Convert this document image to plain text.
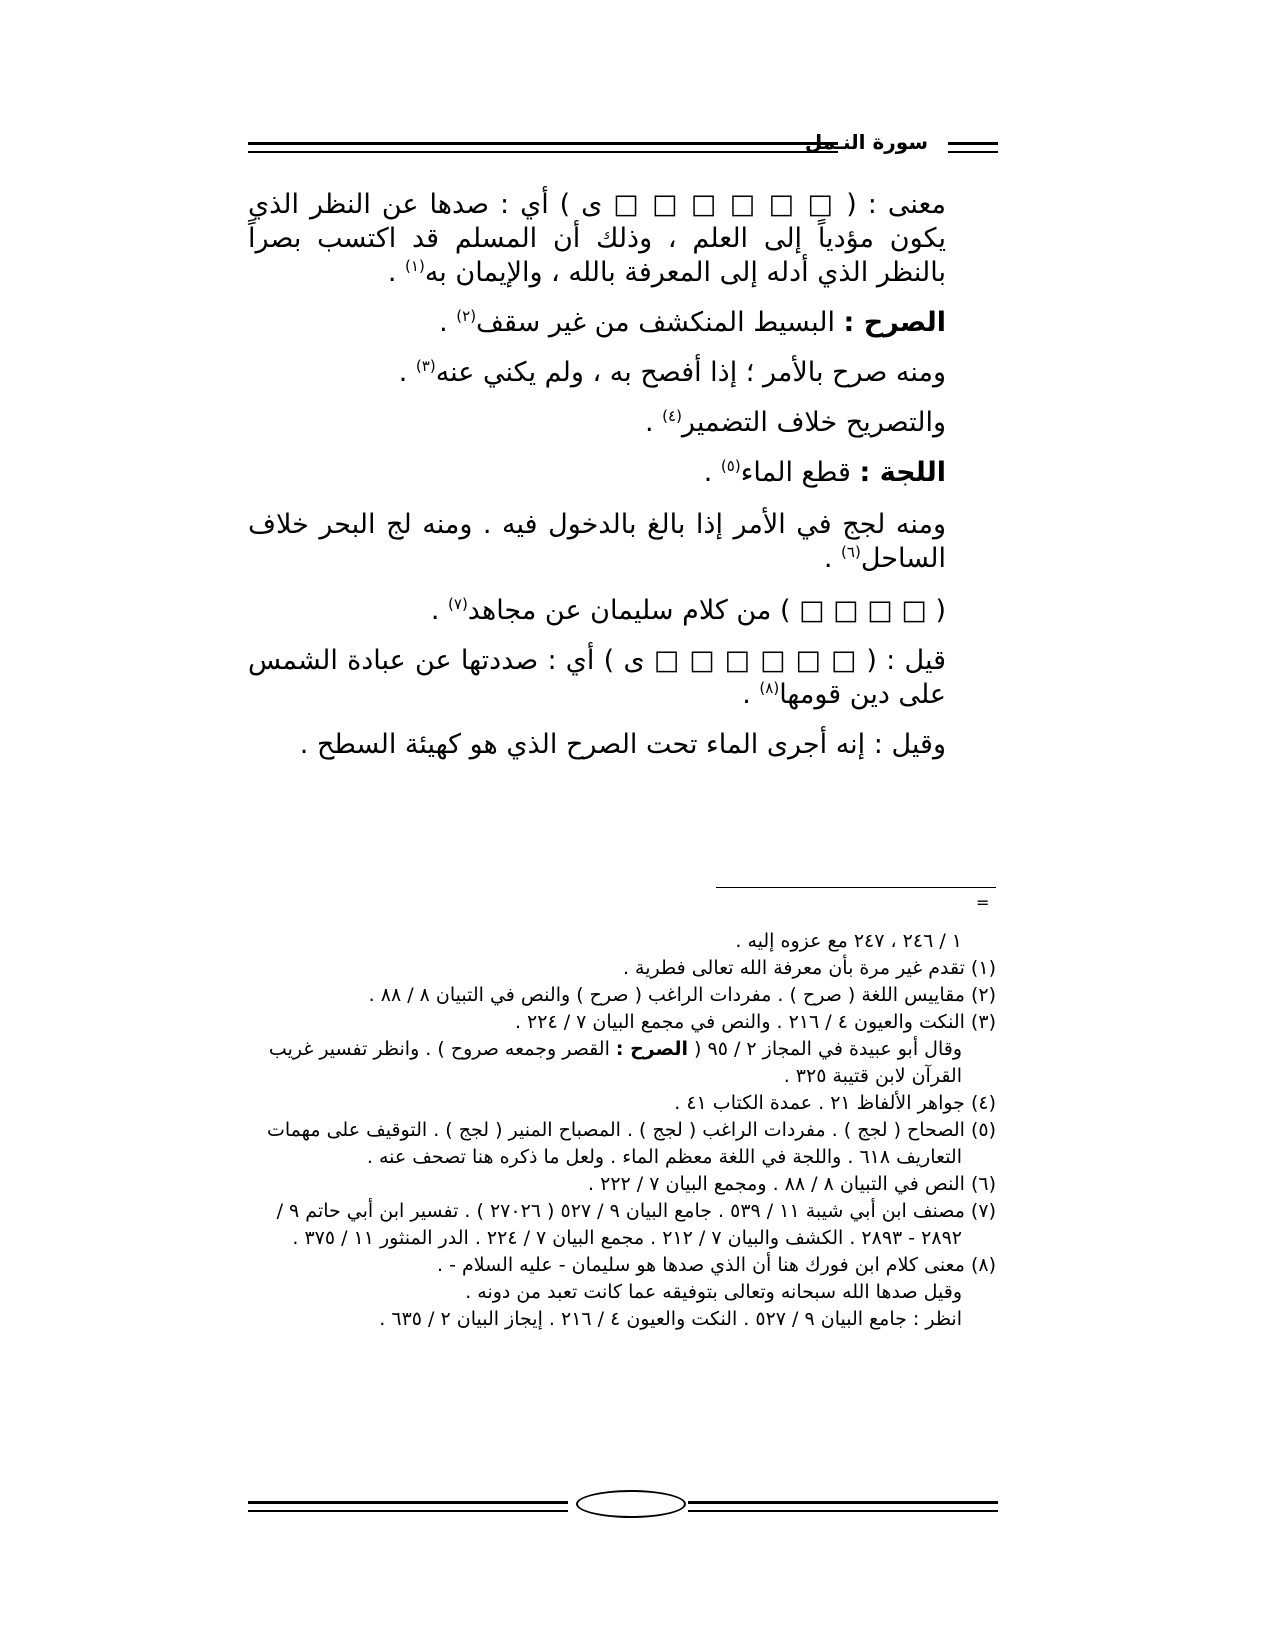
سورة النـمل

معنى : ( □ □ □ □ □ □ ى ) أي : صدها عن النظر الذي يكون مؤدياً إلى العلم ، وذلك أن المسلم قد اكتسب بصراً بالنظر الذي أدله إلى المعرفة بالله ، والإيمان به$^{(١)}$ .

الصرح : البسيط المنكشف من غير سقف$^{(٢)}$ .

ومنه صرح بالأمر ؛ إذا أفصح به ، ولم يكني عنه$^{(٣)}$ .

والتصريح خلاف التضمير$^{(٤)}$ .

اللجة : قطع الماء$^{(٥)}$ .

ومنه لجج في الأمر إذا بالغ بالدخول فيه . ومنه لج البحر خلاف الساحل$^{(٦)}$ .

( □ □ □ □ ) من كلام سليمان عن مجاهد$^{(٧)}$ .

قيل : ( □ □ □ □ □ □ ى ) أي : صددتها عن عبادة الشمس على دين قومها$^{(٨)}$ .

وقيل : إنه أجرى الماء تحت الصرح الذي هو كهيئة السطح .

=

١ / ٢٤٦ ، ٢٤٧ مع عزوه إليه .

(١) تقدم غير مرة بأن معرفة الله تعالى فطرية .

(٢) مقاييس اللغة ( صرح ) . مفردات الراغب ( صرح ) والنص في التبيان ٨ / ٨٨ .

(٣) النكت والعيون ٤ / ٢١٦ . والنص في مجمع البيان ٧ / ٢٢٤ .

وقال أبو عبيدة في المجاز ٢ / ٩٥ ( الصرح : القصر وجمعه صروح ) . وانظر تفسير غريب القرآن لابن قتيبة ٣٢٥ .

(٤) جواهر الألفاظ ٢١ . عمدة الكتاب ٤١ .

(٥) الصحاح ( لجج ) . مفردات الراغب ( لجج ) . المصباح المنير ( لجج ) . التوقيف على مهمات التعاريف ٦١٨ . واللجة في اللغة معظم الماء . ولعل ما ذكره هنا تصحف عنه .

(٦) النص في التبيان ٨ / ٨٨ . ومجمع البيان ٧ / ٢٢٢ .

(٧) مصنف ابن أبي شيبة ١١ / ٥٣٩ . جامع البيان ٩ / ٥٢٧ ( ٢٧٠٢٦ ) . تفسير ابن أبي حاتم ٩ / ٢٨٩٢ - ٢٨٩٣ . الكشف والبيان ٧ / ٢١٢ . مجمع البيان ٧ / ٢٢٤ . الدر المنثور ١١ / ٣٧٥ .

(٨) معنى كلام ابن فورك هنا أن الذي صدها هو سليمان - عليه السلام - .

وقيل صدها الله سبحانه وتعالى بتوفيقه عما كانت تعبد من دونه .

انظر : جامع البيان ٩ / ٥٢٧ . النكت والعيون ٤ / ٢١٦ . إيجاز البيان ٢ / ٦٣٥ .
